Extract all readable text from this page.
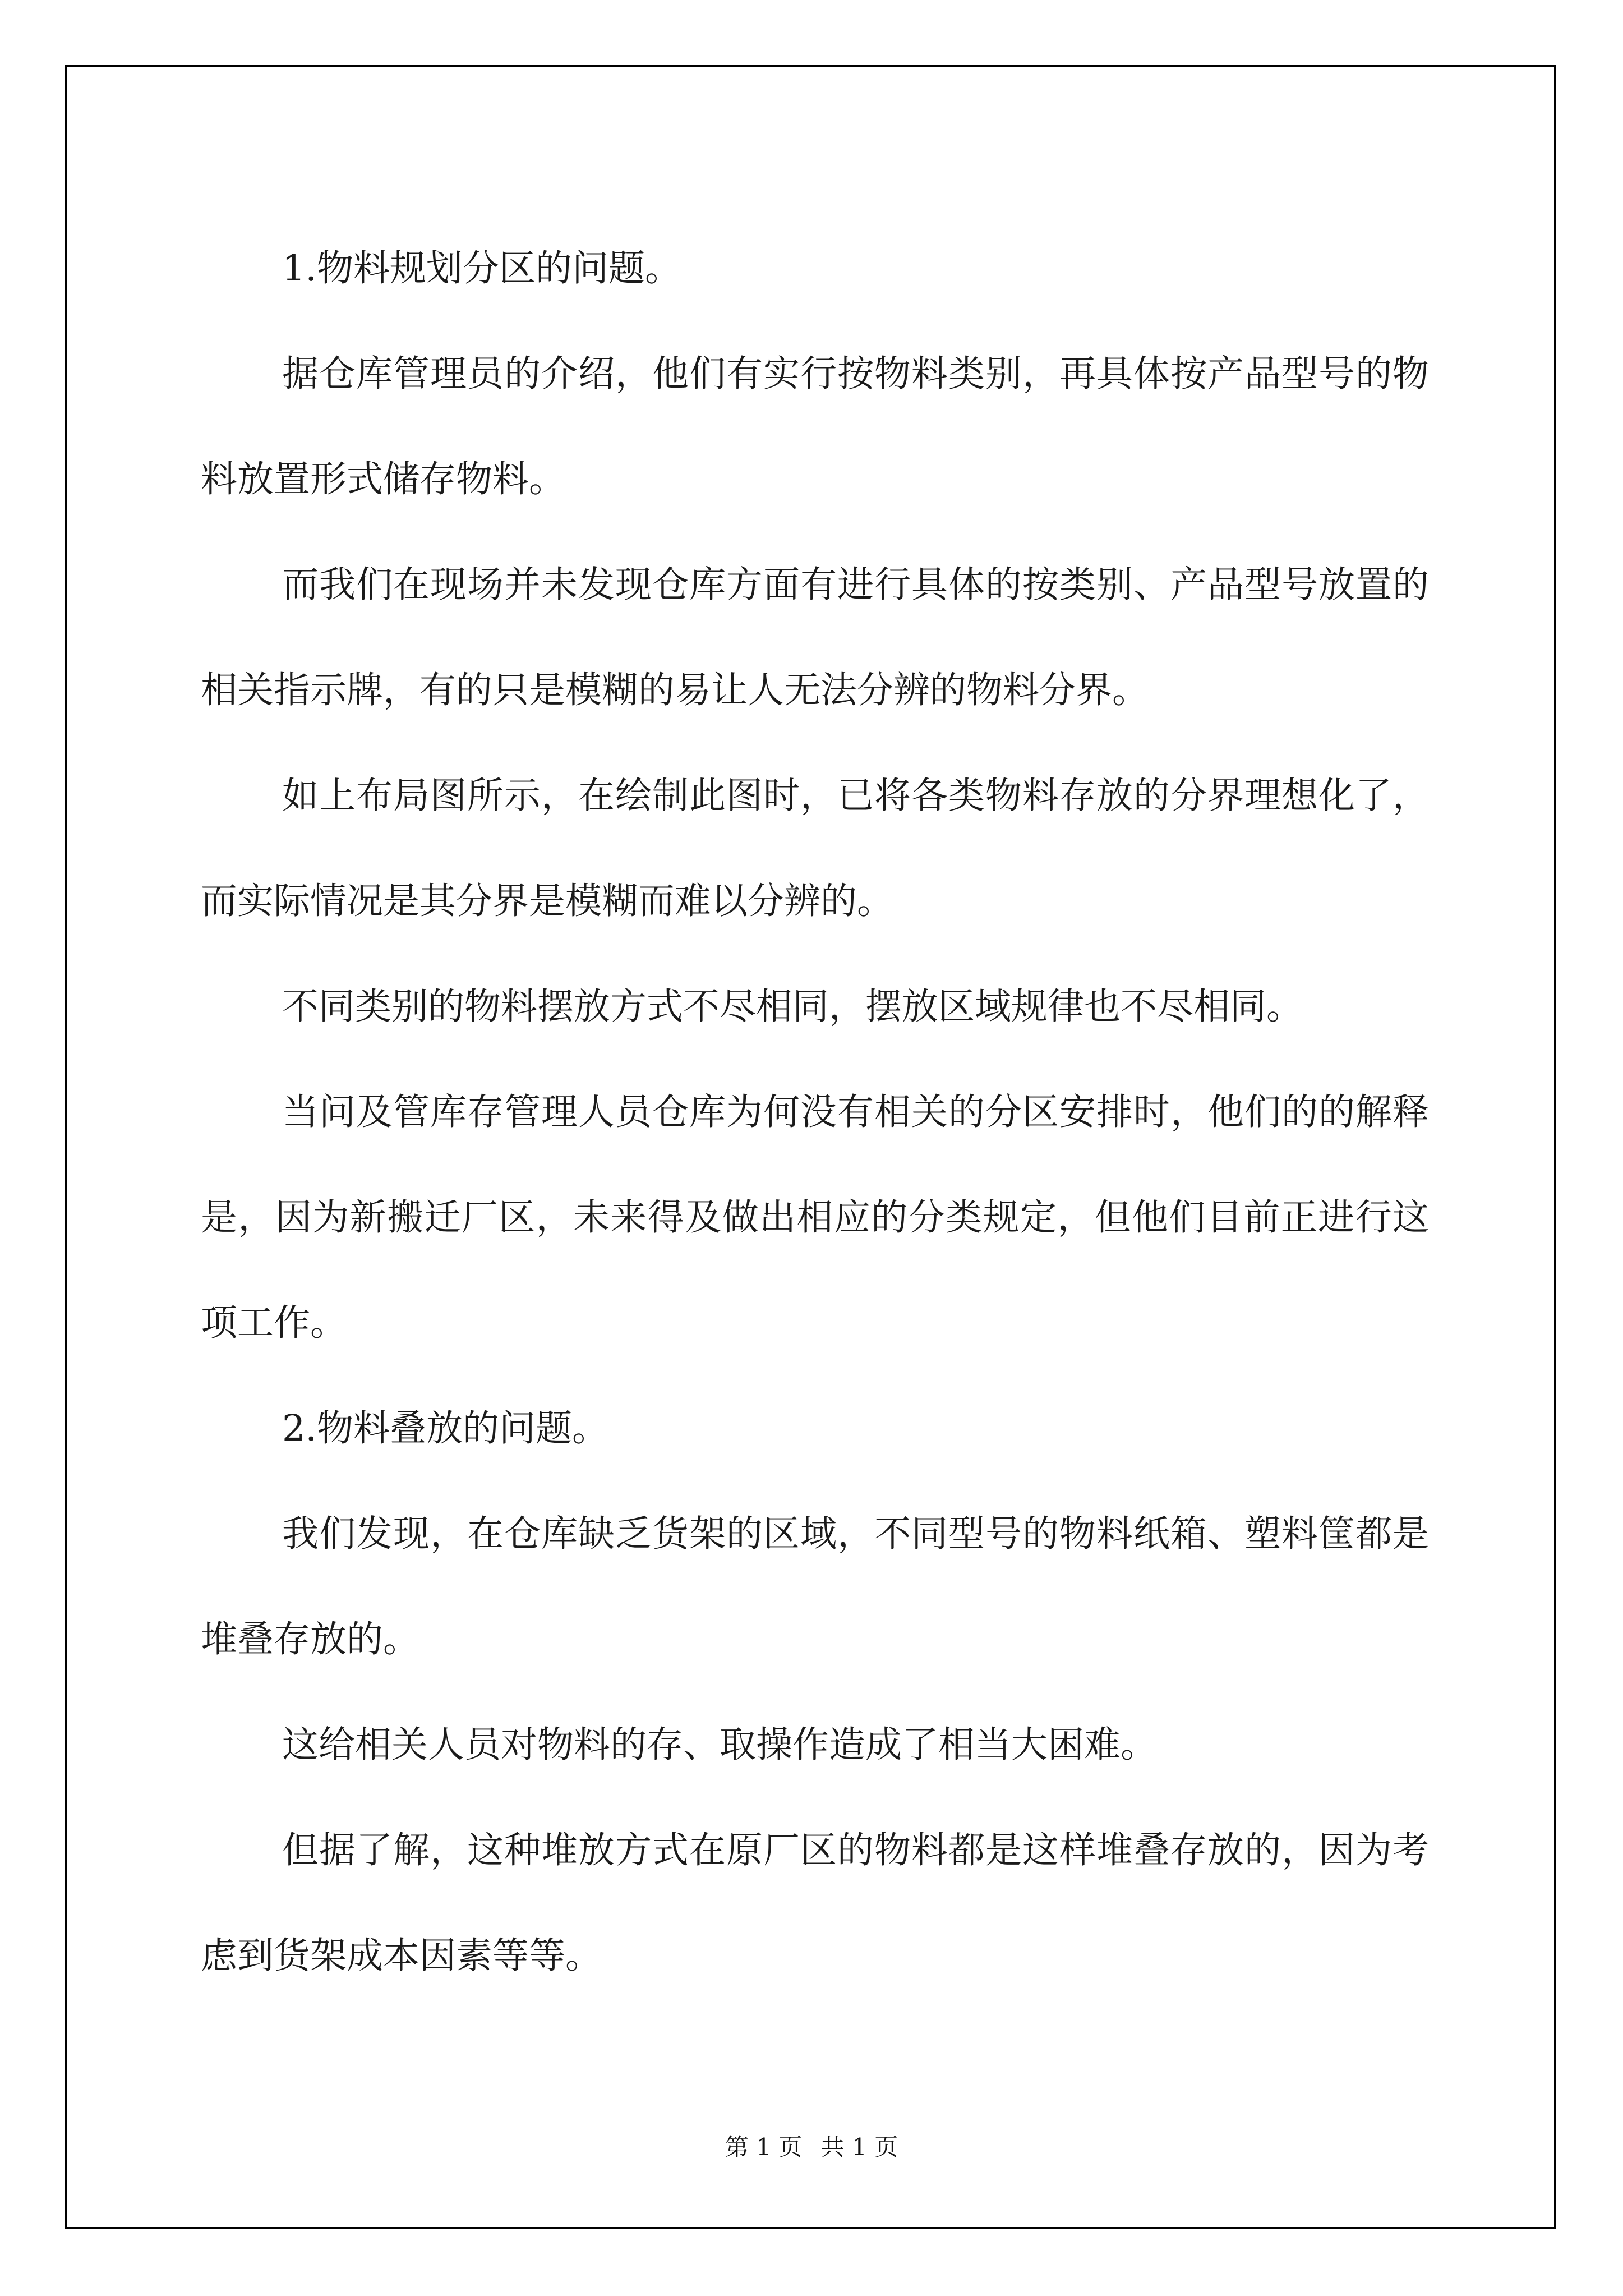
1.物料规划分区的问题。

据仓库管理员的介绍，他们有实行按物料类别，再具体按产品型号的物料放置形式储存物料。

而我们在现场并未发现仓库方面有进行具体的按类别、产品型号放置的相关指示牌，有的只是模糊的易让人无法分辨的物料分界。

如上布局图所示，在绘制此图时，已将各类物料存放的分界理想化了，而实际情况是其分界是模糊而难以分辨的。

不同类别的物料摆放方式不尽相同，摆放区域规律也不尽相同。

当问及管库存管理人员仓库为何没有相关的分区安排时，他们的的解释是，因为新搬迁厂区，未来得及做出相应的分类规定，但他们目前正进行这项工作。

2.物料叠放的问题。

我们发现，在仓库缺乏货架的区域，不同型号的物料纸箱、塑料筐都是堆叠存放的。

这给相关人员对物料的存、取操作造成了相当大困难。

但据了解，这种堆放方式在原厂区的物料都是这样堆叠存放的，因为考虑到货架成本因素等等。

第 1 页 共 1 页
